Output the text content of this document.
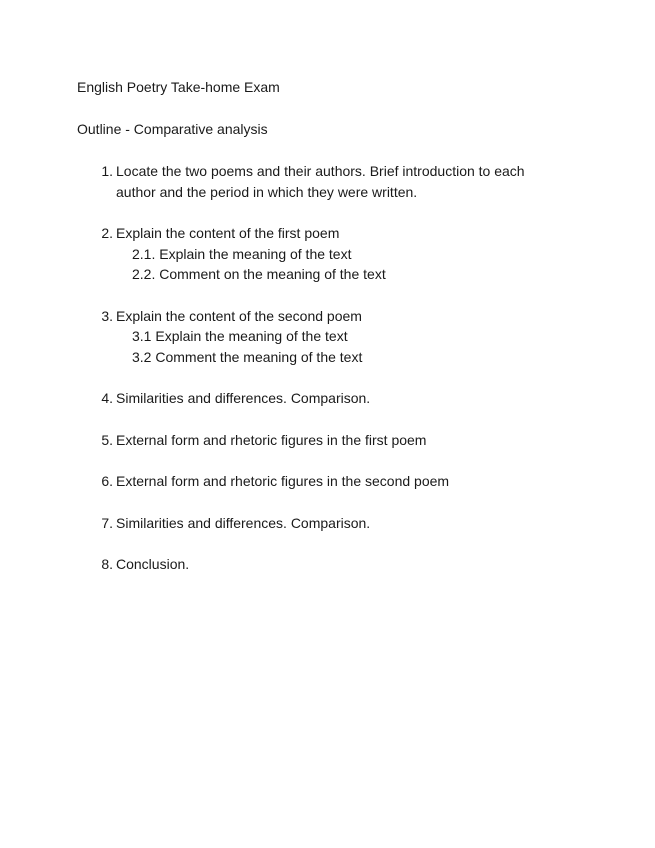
English Poetry Take-home Exam
Outline - Comparative analysis
1. Locate the two poems and their authors. Brief introduction to each author and the period in which they were written.
2. Explain the content of the first poem
2.1. Explain the meaning of the text
2.2. Comment on the meaning of the text
3. Explain the content of the second poem
3.1 Explain the meaning of the text
3.2 Comment the meaning of the text
4. Similarities and differences. Comparison.
5. External form and rhetoric figures in the first poem
6. External form and rhetoric figures in the second poem
7. Similarities and differences. Comparison.
8. Conclusion.
